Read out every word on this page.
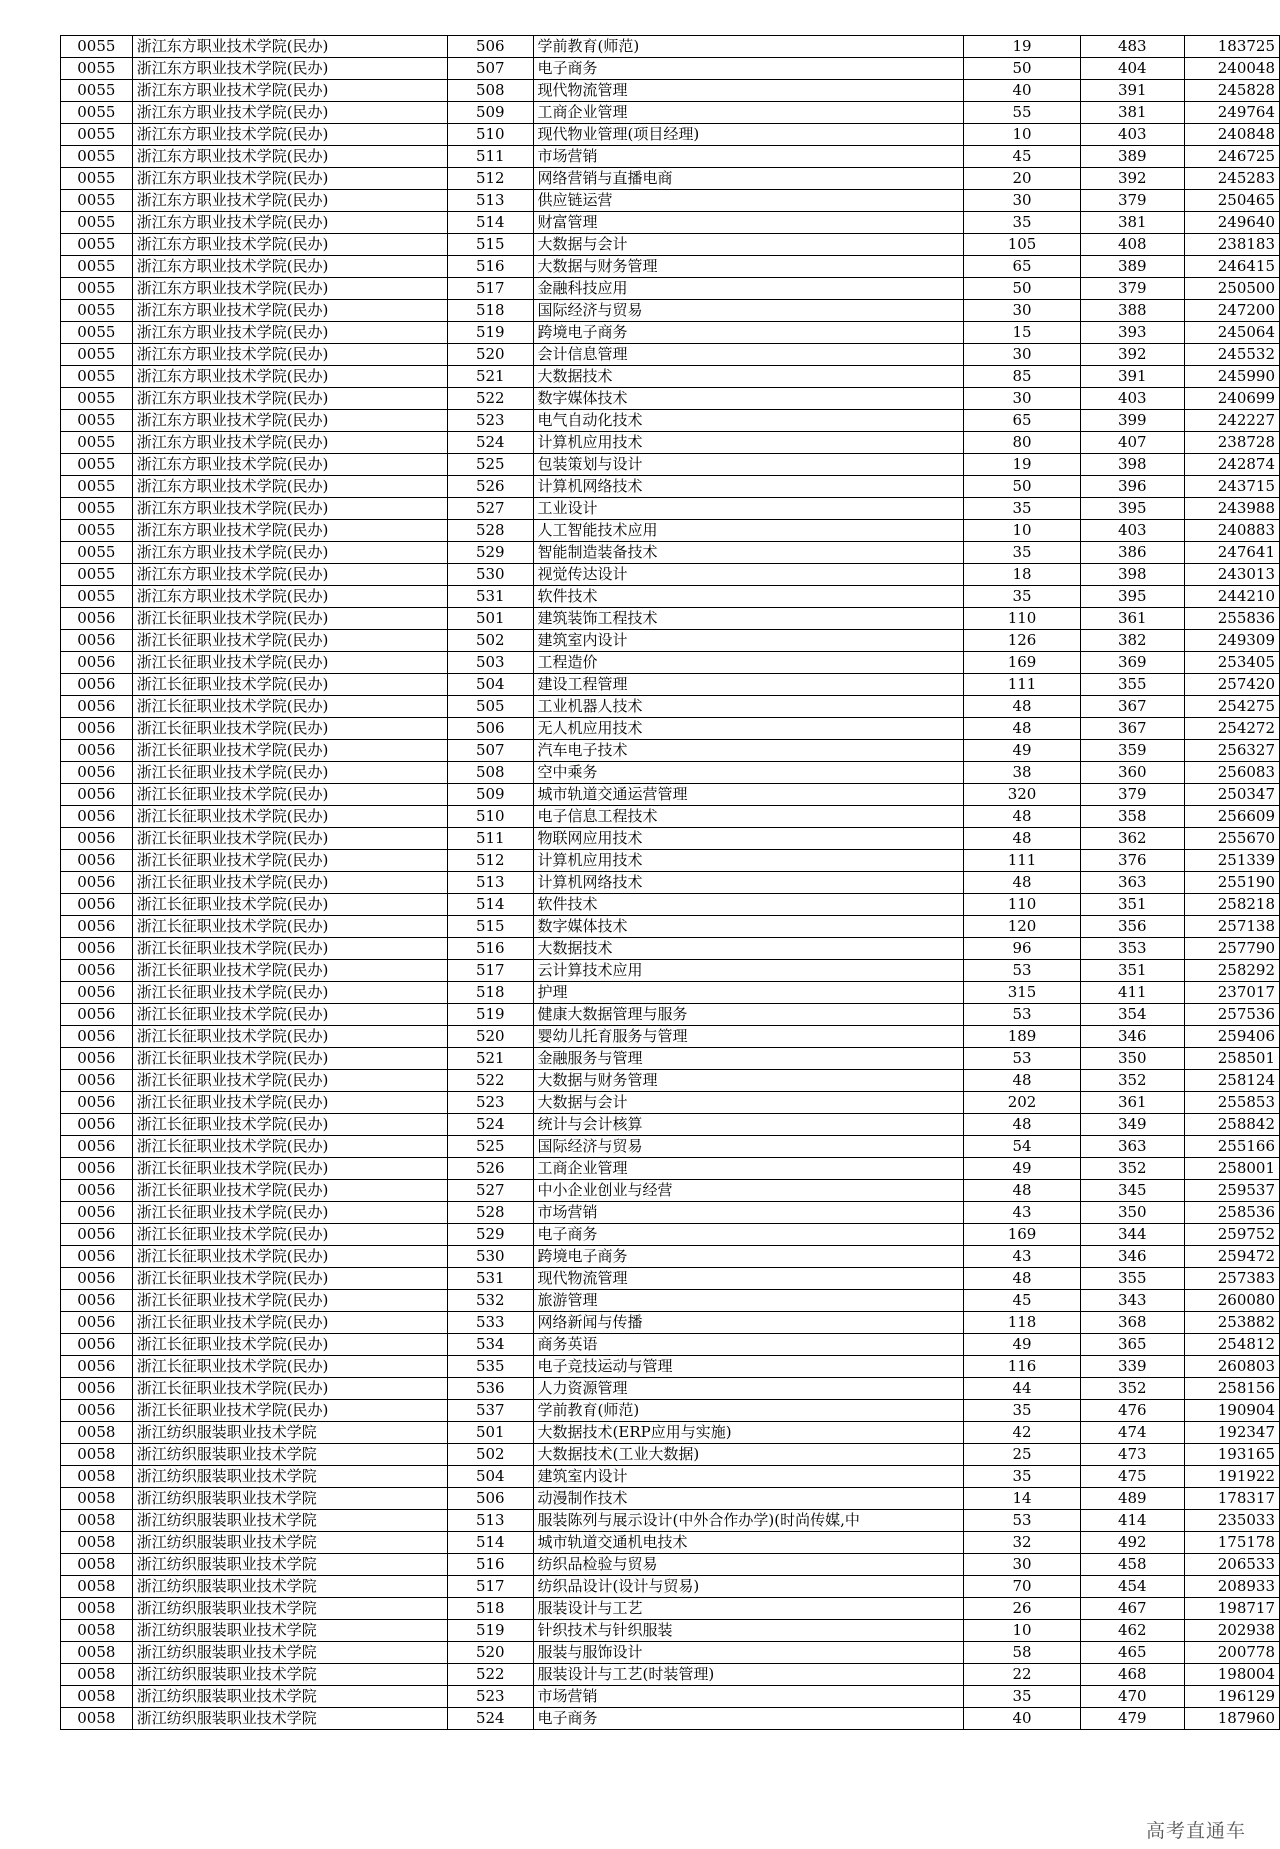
0055	浙江东方职业技术学院(民办)	506	学前教育(师范)	19	483	183725
0055	浙江东方职业技术学院(民办)	507	电子商务	50	404	240048
0055	浙江东方职业技术学院(民办)	508	现代物流管理	40	391	245828
0055	浙江东方职业技术学院(民办)	509	工商企业管理	55	381	249764
0055	浙江东方职业技术学院(民办)	510	现代物业管理(项目经理)	10	403	240848
0055	浙江东方职业技术学院(民办)	511	市场营销	45	389	246725
0055	浙江东方职业技术学院(民办)	512	网络营销与直播电商	20	392	245283
0055	浙江东方职业技术学院(民办)	513	供应链运营	30	379	250465
0055	浙江东方职业技术学院(民办)	514	财富管理	35	381	249640
0055	浙江东方职业技术学院(民办)	515	大数据与会计	105	408	238183
0055	浙江东方职业技术学院(民办)	516	大数据与财务管理	65	389	246415
0055	浙江东方职业技术学院(民办)	517	金融科技应用	50	379	250500
0055	浙江东方职业技术学院(民办)	518	国际经济与贸易	30	388	247200
0055	浙江东方职业技术学院(民办)	519	跨境电子商务	15	393	245064
0055	浙江东方职业技术学院(民办)	520	会计信息管理	30	392	245532
0055	浙江东方职业技术学院(民办)	521	大数据技术	85	391	245990
0055	浙江东方职业技术学院(民办)	522	数字媒体技术	30	403	240699
0055	浙江东方职业技术学院(民办)	523	电气自动化技术	65	399	242227
0055	浙江东方职业技术学院(民办)	524	计算机应用技术	80	407	238728
0055	浙江东方职业技术学院(民办)	525	包装策划与设计	19	398	242874
0055	浙江东方职业技术学院(民办)	526	计算机网络技术	50	396	243715
0055	浙江东方职业技术学院(民办)	527	工业设计	35	395	243988
0055	浙江东方职业技术学院(民办)	528	人工智能技术应用	10	403	240883
0055	浙江东方职业技术学院(民办)	529	智能制造装备技术	35	386	247641
0055	浙江东方职业技术学院(民办)	530	视觉传达设计	18	398	243013
0055	浙江东方职业技术学院(民办)	531	软件技术	35	395	244210
0056	浙江长征职业技术学院(民办)	501	建筑装饰工程技术	110	361	255836
0056	浙江长征职业技术学院(民办)	502	建筑室内设计	126	382	249309
0056	浙江长征职业技术学院(民办)	503	工程造价	169	369	253405
0056	浙江长征职业技术学院(民办)	504	建设工程管理	111	355	257420
0056	浙江长征职业技术学院(民办)	505	工业机器人技术	48	367	254275
0056	浙江长征职业技术学院(民办)	506	无人机应用技术	48	367	254272
0056	浙江长征职业技术学院(民办)	507	汽车电子技术	49	359	256327
0056	浙江长征职业技术学院(民办)	508	空中乘务	38	360	256083
0056	浙江长征职业技术学院(民办)	509	城市轨道交通运营管理	320	379	250347
0056	浙江长征职业技术学院(民办)	510	电子信息工程技术	48	358	256609
0056	浙江长征职业技术学院(民办)	511	物联网应用技术	48	362	255670
0056	浙江长征职业技术学院(民办)	512	计算机应用技术	111	376	251339
0056	浙江长征职业技术学院(民办)	513	计算机网络技术	48	363	255190
0056	浙江长征职业技术学院(民办)	514	软件技术	110	351	258218
0056	浙江长征职业技术学院(民办)	515	数字媒体技术	120	356	257138
0056	浙江长征职业技术学院(民办)	516	大数据技术	96	353	257790
0056	浙江长征职业技术学院(民办)	517	云计算技术应用	53	351	258292
0056	浙江长征职业技术学院(民办)	518	护理	315	411	237017
0056	浙江长征职业技术学院(民办)	519	健康大数据管理与服务	53	354	257536
0056	浙江长征职业技术学院(民办)	520	婴幼儿托育服务与管理	189	346	259406
0056	浙江长征职业技术学院(民办)	521	金融服务与管理	53	350	258501
0056	浙江长征职业技术学院(民办)	522	大数据与财务管理	48	352	258124
0056	浙江长征职业技术学院(民办)	523	大数据与会计	202	361	255853
0056	浙江长征职业技术学院(民办)	524	统计与会计核算	48	349	258842
0056	浙江长征职业技术学院(民办)	525	国际经济与贸易	54	363	255166
0056	浙江长征职业技术学院(民办)	526	工商企业管理	49	352	258001
0056	浙江长征职业技术学院(民办)	527	中小企业创业与经营	48	345	259537
0056	浙江长征职业技术学院(民办)	528	市场营销	43	350	258536
0056	浙江长征职业技术学院(民办)	529	电子商务	169	344	259752
0056	浙江长征职业技术学院(民办)	530	跨境电子商务	43	346	259472
0056	浙江长征职业技术学院(民办)	531	现代物流管理	48	355	257383
0056	浙江长征职业技术学院(民办)	532	旅游管理	45	343	260080
0056	浙江长征职业技术学院(民办)	533	网络新闻与传播	118	368	253882
0056	浙江长征职业技术学院(民办)	534	商务英语	49	365	254812
0056	浙江长征职业技术学院(民办)	535	电子竞技运动与管理	116	339	260803
0056	浙江长征职业技术学院(民办)	536	人力资源管理	44	352	258156
0056	浙江长征职业技术学院(民办)	537	学前教育(师范)	35	476	190904
0058	浙江纺织服装职业技术学院	501	大数据技术(ERP应用与实施)	42	474	192347
0058	浙江纺织服装职业技术学院	502	大数据技术(工业大数据)	25	473	193165
0058	浙江纺织服装职业技术学院	504	建筑室内设计	35	475	191922
0058	浙江纺织服装职业技术学院	506	动漫制作技术	14	489	178317
0058	浙江纺织服装职业技术学院	513	服装陈列与展示设计(中外合作办学)(时尚传媒,中	53	414	235033
0058	浙江纺织服装职业技术学院	514	城市轨道交通机电技术	32	492	175178
0058	浙江纺织服装职业技术学院	516	纺织品检验与贸易	30	458	206533
0058	浙江纺织服装职业技术学院	517	纺织品设计(设计与贸易)	70	454	208933
0058	浙江纺织服装职业技术学院	518	服装设计与工艺	26	467	198717
0058	浙江纺织服装职业技术学院	519	针织技术与针织服装	10	462	202938
0058	浙江纺织服装职业技术学院	520	服装与服饰设计	58	465	200778
0058	浙江纺织服装职业技术学院	522	服装设计与工艺(时装管理)	22	468	198004
0058	浙江纺织服装职业技术学院	523	市场营销	35	470	196129
0058	浙江纺织服装职业技术学院	524	电子商务	40	479	187960
高考直通车
